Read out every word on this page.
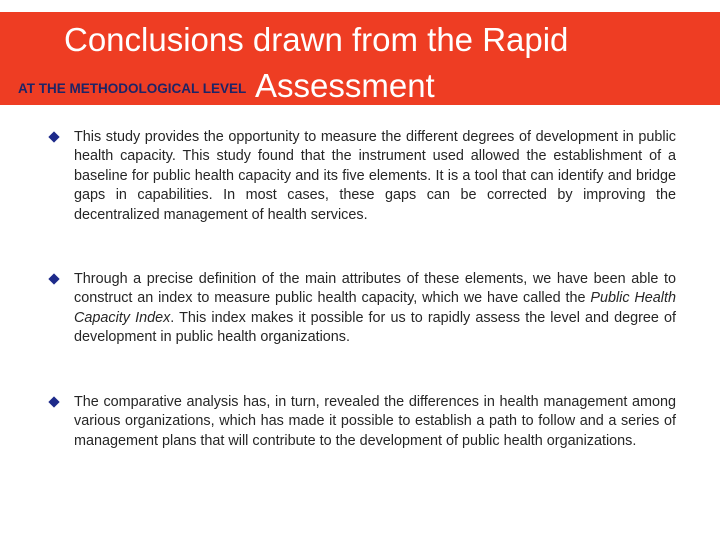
Conclusions drawn from the Rapid
Assessment
AT THE METHODOLOGICAL LEVEL

This study provides the opportunity to measure the different degrees of development in public health capacity. This study found that the instrument used allowed the establishment of a baseline for public health capacity and its five elements. It is a tool that can identify and bridge gaps in capabilities. In most cases, these gaps can be corrected by improving the decentralized management of health services.

Through a precise definition of the main attributes of these elements, we have been able to construct an index to measure public health capacity, which we have called the Public Health Capacity Index. This index makes it possible for us to rapidly assess the level and degree of development in public health organizations.

The comparative analysis has, in turn, revealed the differences in health management among various organizations, which has made it possible to establish a path to follow and a series of management plans that will contribute to the development of public health organizations.
